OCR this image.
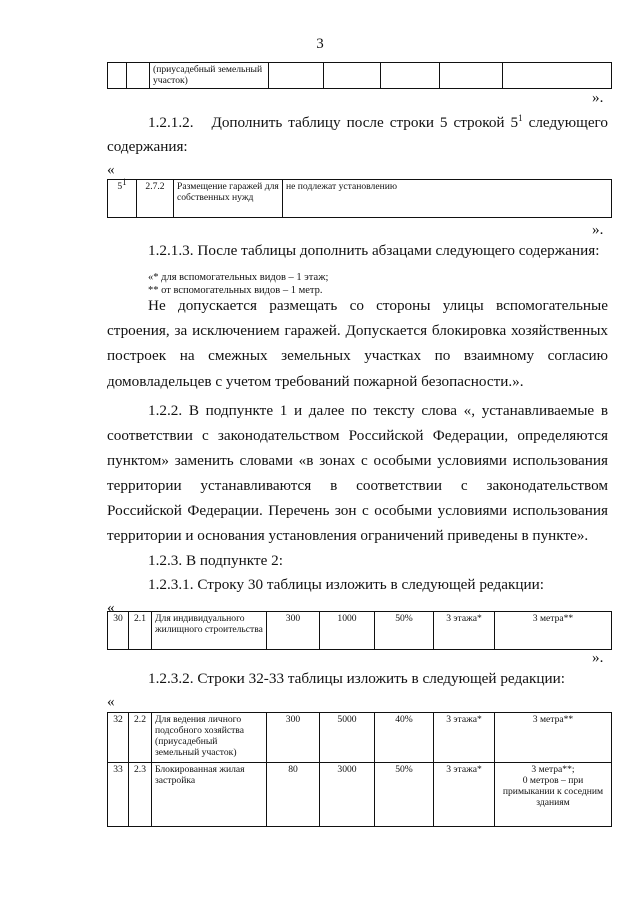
3
		(приусадебный земельный участок)					
».
1.2.1.2. Дополнить таблицу после строки 5 строкой $5^1$ следующего
содержания:
«
$5^1$	2.7.2	Размещение гаражей для собственных нужд	не подлежат установлению
».
1.2.1.3. После таблицы дополнить абзацами следующего содержания:
«* для вспомогательных видов – 1 этаж;
** от вспомогательных видов – 1 метр.
Не допускается размещать со стороны улицы вспомогательные
строения, за исключением гаражей. Допускается блокировка хозяйственных
построек на смежных земельных участках по взаимному согласию
домовладельцев с учетом требований пожарной безопасности.».
1.2.2. В подпункте 1 и далее по тексту слова «, устанавливаемые в
соответствии с законодательством Российской Федерации, определяются
пунктом» заменить словами «в зонах с особыми условиями использования
территории устанавливаются в соответствии с законодательством
Российской Федерации. Перечень зон с особыми условиями использования
территории и основания установления ограничений приведены в пункте».
1.2.3. В подпункте 2:
1.2.3.1. Строку 30 таблицы изложить в следующей редакции:
«
30	2.1	Для индивидуального жилищного строительства	300	1000	50%	3 этажа*	3 метра**
».
1.2.3.2. Строки 32-33 таблицы изложить в следующей редакции:
«
32	2.2	Для ведения личного подсобного хозяйства (приусадебный земельный участок)	300	5000	40%	3 этажа*	3 метра**
33	2.3	Блокированная жилая застройка	80	3000	50%	3 этажа*	3 метра**;
0 метров – при примыкании к соседним зданиям
